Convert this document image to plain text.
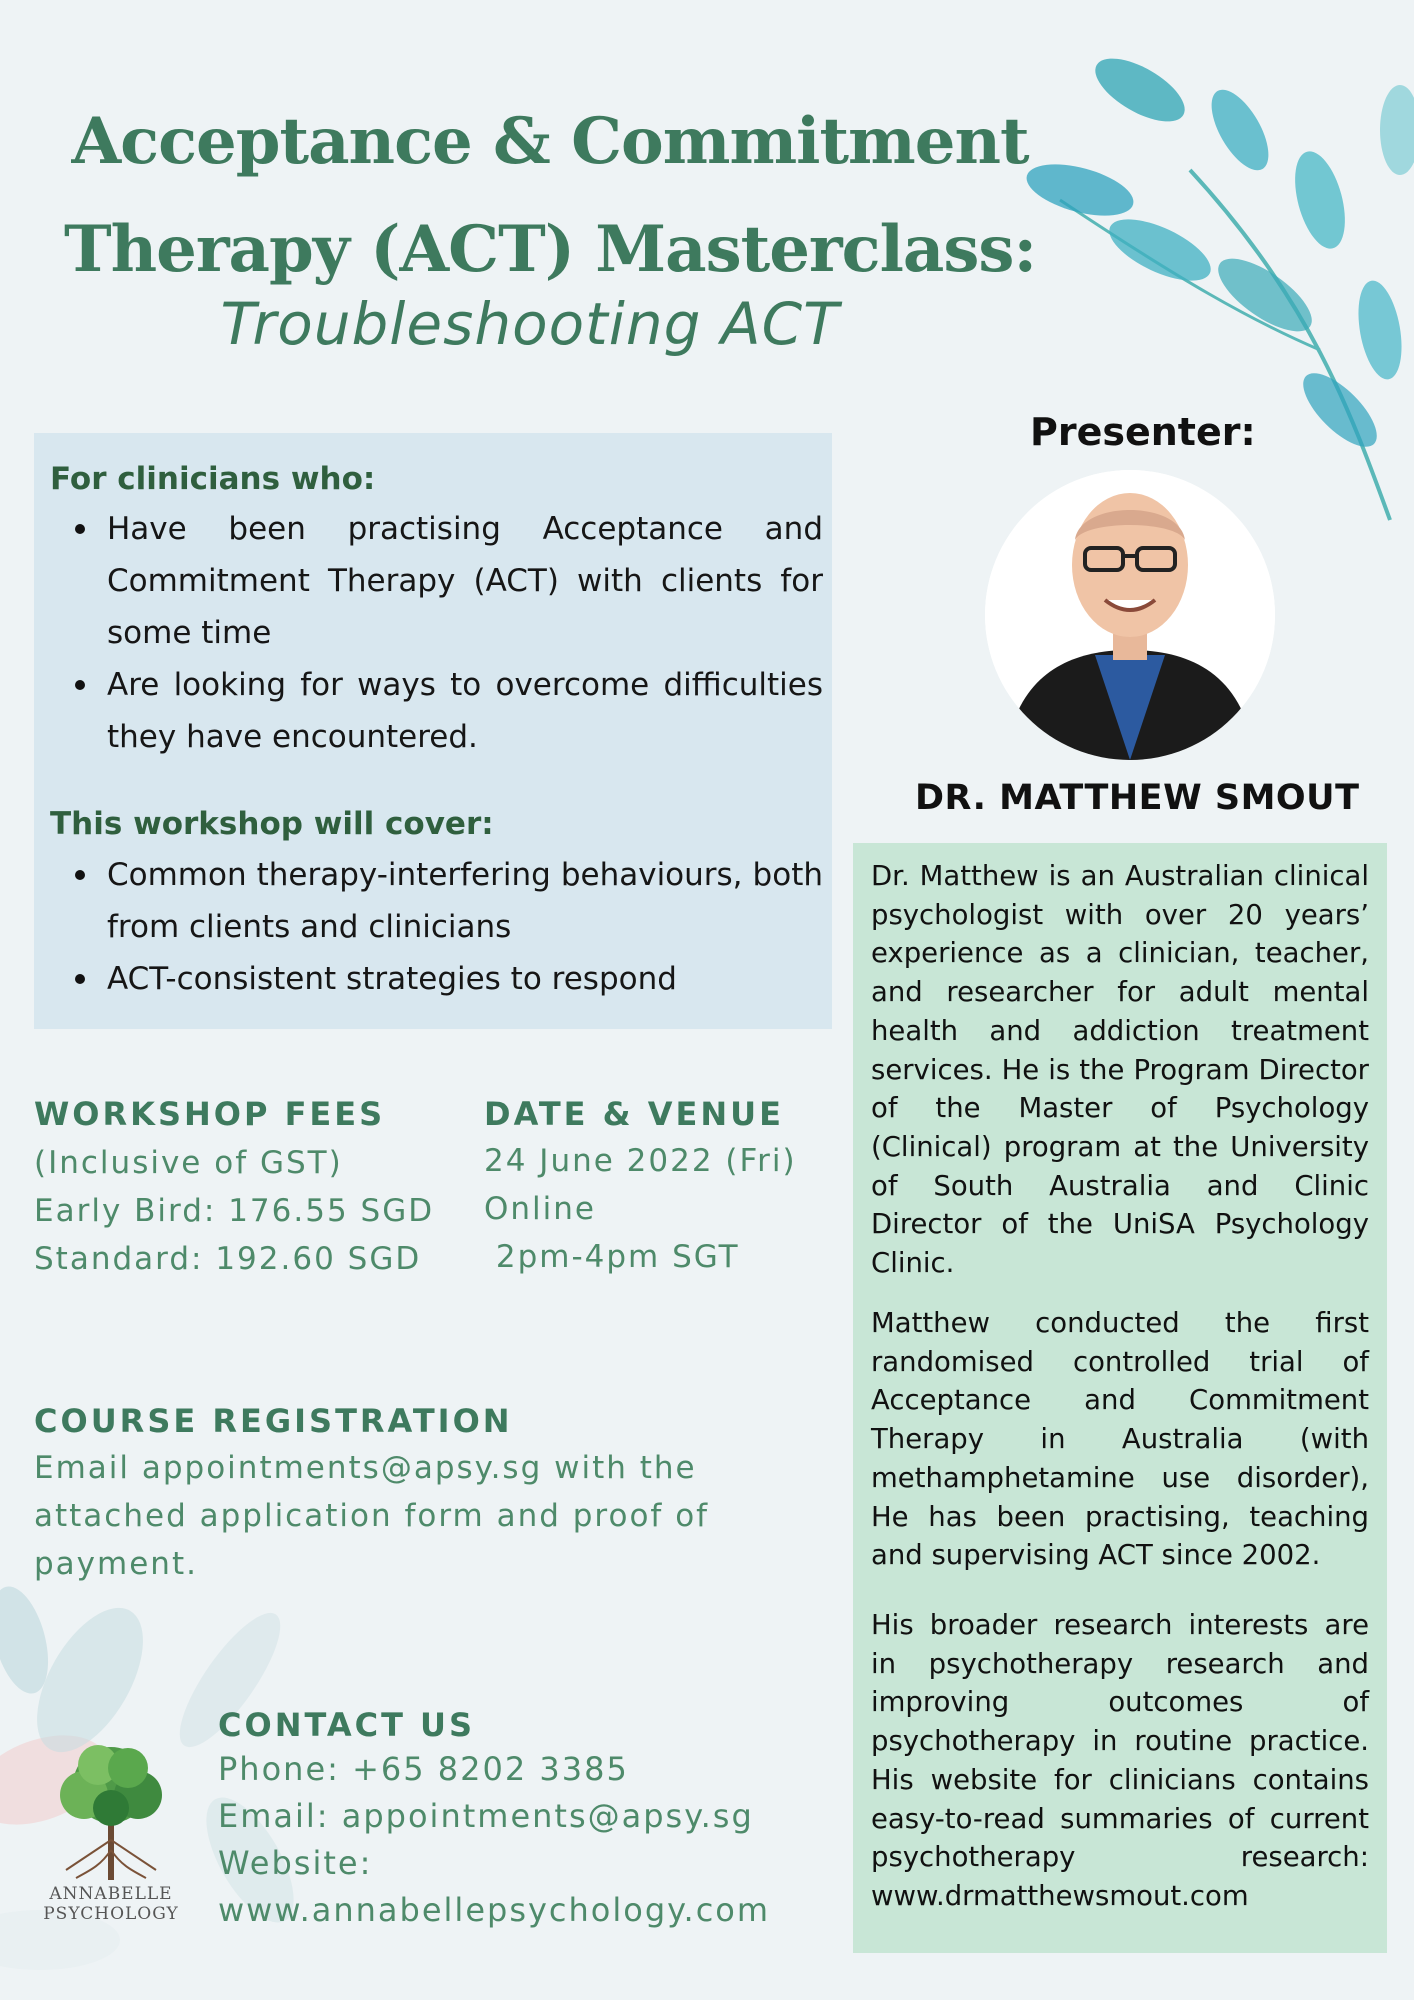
Acceptance & Commitment
Therapy (ACT) Masterclass:
Troubleshooting ACT
For clinicians who:
Have been practising Acceptance and Commitment Therapy (ACT) with clients for some time
Are looking for ways to overcome difficulties they have encountered.
This workshop will cover:
Common therapy-interfering behaviours, both from clients and clinicians
ACT-consistent strategies to respond
WORKSHOP FEES
(Inclusive of GST)
Early Bird: 176.55 SGD
Standard: 192.60 SGD
DATE & VENUE
24 June 2022 (Fri)
Online
2pm-4pm SGT
COURSE REGISTRATION
Email appointments@apsy.sg with the
attached application form and proof of
payment.
ANNABELLE
PSYCHOLOGY
CONTACT US
Phone: +65 8202 3385
Email: appointments@apsy.sg
Website:
www.annabellepsychology.com
Presenter:
DR. MATTHEW SMOUT

Dr. Matthew is an Australian clinical psychologist with over 20 years’ experience as a clinician, teacher, and researcher for adult mental health and addiction treatment services. He is the Program Director of the Master of Psychology (Clinical) program at the University of South Australia and Clinic Director of the UniSA Psychology Clinic.

Matthew conducted the first randomised controlled trial of Acceptance and Commitment Therapy in Australia (with methamphetamine use disorder), He has been practising, teaching and supervising ACT since 2002.

His broader research interests are in psychotherapy research and improving outcomes of psychotherapy in routine practice. His website for clinicians contains easy-to-read summaries of current psychotherapy research: www.drmatthewsmout.com
